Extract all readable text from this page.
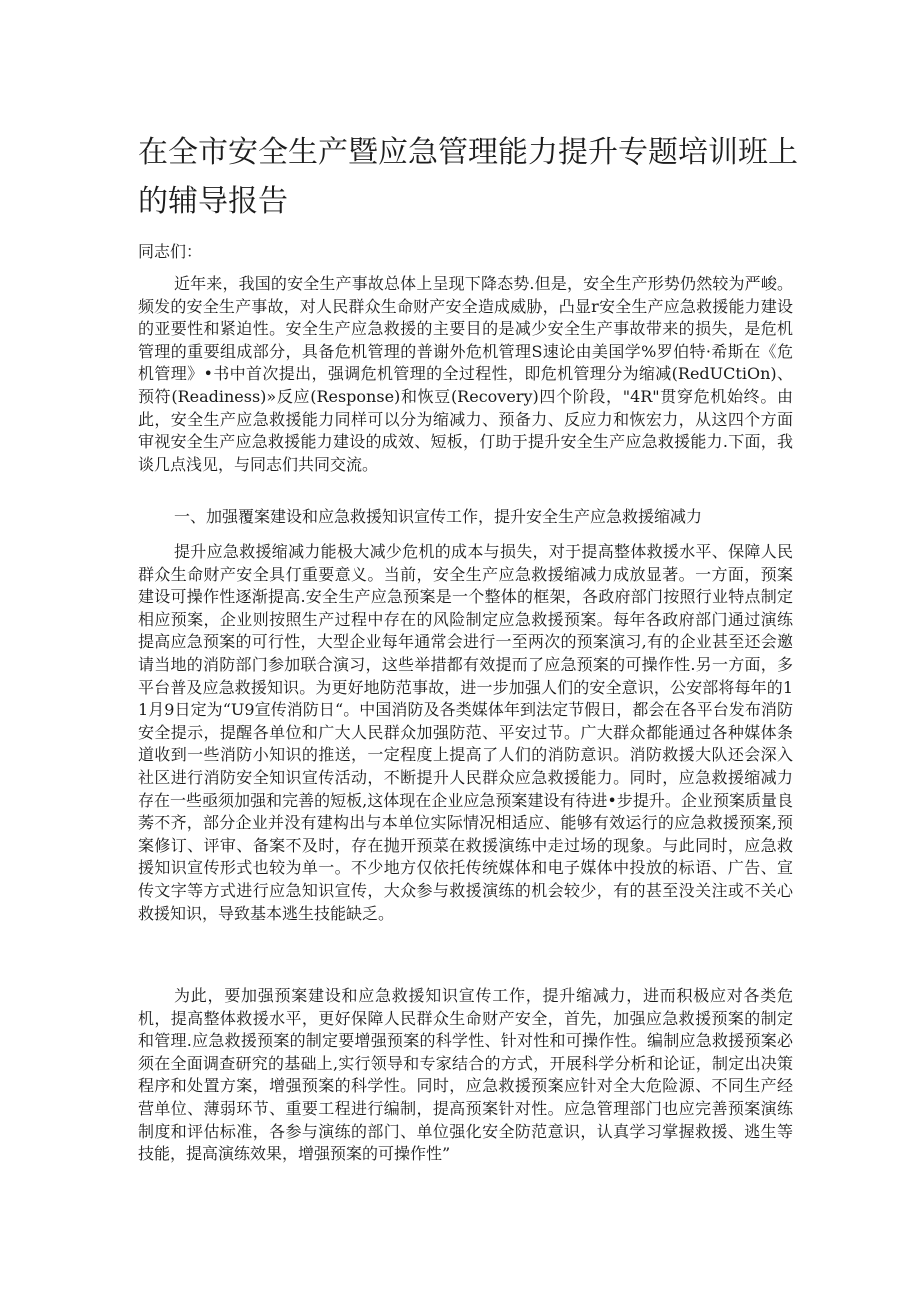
在全市安全生产暨应急管理能力提升专题培训班上的辅导报告

同志们：

近年来，我国的安全生产事故总体上呈现下降态势.但是，安全生产形势仍然较为严峻。频发的安全生产事故，对人民群众生命财产安全造成威胁，凸显r安全生产应急救援能力建设的亚要性和紧迫性。安全生产应急救援的主要目的是减少安全生产事故带来的损失，是危机管理的重要组成部分，具备危机管理的普谢外危机管理S速论由美国学%罗伯特·希斯在《危机管理》•书中首次提出，强调危机管理的全过程性，即危机管理分为缩减(RedUCtiOn)、预符(Readiness)»反应(Response)和恢豆(Recovery)四个阶段，"4R"贯穿危机始终。由此，安全生产应急救援能力同样可以分为缩减力、预备力、反应力和恢宏力，从这四个方面审视安全生产应急救援能力建设的成效、短板，仃助于提升安全生产应急救援能力.下面，我谈几点浅见，与同志们共同交流。

一、加强覆案建设和应急救援知识宣传工作，提升安全生产应急救援缩减力

提升应急救援缩减力能极大减少危机的成本与损失，对于提高整体救援水平、保障人民群众生命财产安全具仃重要意义。当前，安全生产应急救援缩减力成放显著。一方面，预案建设可操作性逐渐提高.安全生产应急预案是一个整体的框架，各政府部门按照行业特点制定相应预案，企业则按照生产过程中存在的风险制定应急救援预案。每年各政府部门通过演练提高应急预案的可行性，大型企业每年通常会进行一至两次的预案演习,有的企业甚至还会邀请当地的消防部门参加联合演习，这些举措都有效提而了应急预案的可操作性.另一方面，多平台普及应急救援知识。为更好地防范事故，进一步加强人们的安全意识，公安部将每年的11月9日定为“U9宣传消防日“。中国消防及各类媒体年到法定节假日，都会在各平台发布消防安全提示，提醒各单位和广大人民群众加强防范、平安过节。广大群众都能通过各种媒体条道收到一些消防小知识的推送，一定程度上提高了人们的消防意识。消防救援大队还会深入社区进行消防安全知识宣传活动，不断提升人民群众应急救援能力。同时，应急救援缩减力存在一些亟须加强和完善的短板,这体现在企业应急预案建设有待进•步提升。企业预案质量良莠不齐，部分企业并没有建构出与本单位实际情况相适应、能够有效运行的应急救援预案,预案修订、评审、备案不及时，存在抛开预菜在救援演练中走过场的现象。与此同时，应急救援知识宣传形式也较为单一。不少地方仅依托传统媒体和电子媒体中投放的标语、广告、宣传文字等方式进行应急知识宣传，大众参与救援演练的机会较少，有的甚至没关注或不关心救援知识，导致基本逃生技能缺乏。

为此，要加强预案建设和应急救援知识宣传工作，提升缩减力，进而积极应对各类危机，提高整体救援水平，更好保障人民群众生命财产安全，首先，加强应急救援预案的制定和管理.应急救援预案的制定要增强预案的科学性、针对性和可操作性。编制应急救援预案必须在全面调查研究的基础上,实行领导和专家结合的方式，开展科学分析和论证，制定出决策程序和处置方案，增强预案的科学性。同时，应急救援预案应针对全大危险源、不同生产经营单位、薄弱环节、重要工程进行编制，提高预案针对性。应急管理部门也应完善预案演练制度和评估标准，各参与演练的部门、单位强化安全防范意识，认真学习掌握救援、逃生等技能，提高演练效果，增强预案的可操作性”
